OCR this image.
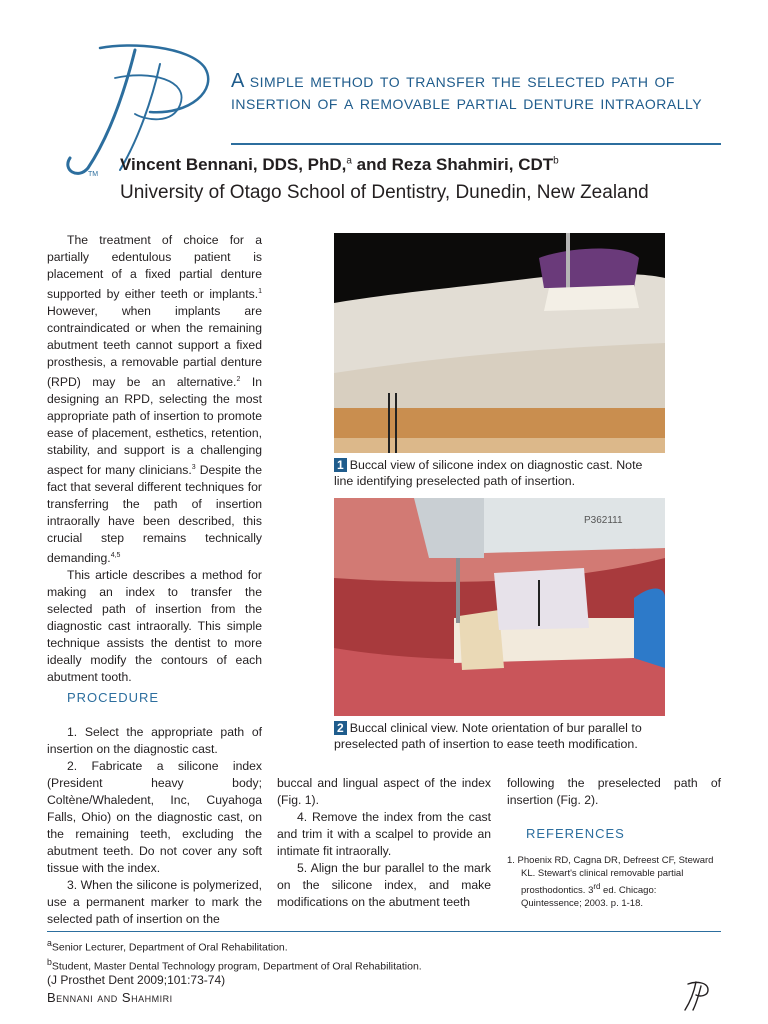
TM
A simple method to transfer the selected path of insertion of a removable partial denture intraorally
Vincent Bennani, DDS, PhD,$^a$ and Reza Shahmiri, CDT$^b$
University of Otago School of Dentistry, Dunedin, New Zealand

The treatment of choice for a partially edentulous patient is placement of a fixed partial denture supported by either teeth or implants.$^1$ However, when implants are contraindicated or when the remaining abutment teeth cannot support a fixed prosthesis, a removable partial denture (RPD) may be an alternative.$^2$ In designing an RPD, selecting the most appropriate path of insertion to promote ease of placement, esthetics, retention, stability, and support is a challenging aspect for many clinicians.$^3$ Despite the fact that several different techniques for transferring the path of insertion intraorally have been described, this crucial step remains technically demanding.$^{4,5}$

This article describes a method for making an index to transfer the selected path of insertion from the diagnostic cast intraorally. This simple technique assists the dentist to more ideally modify the contours of each abutment tooth.

PROCEDURE

1. Select the appropriate path of insertion on the diagnostic cast.

2. Fabricate a silicone index (President heavy body; Coltène/Whaledent, Inc, Cuyahoga Falls, Ohio) on the diagnostic cast, on the remaining teeth, excluding the abutment teeth. Do not cover any soft tissue with the index.

3. When the silicone is polymerized, use a permanent marker to mark the selected path of insertion on the

1 Buccal view of silicone index on diagnostic cast. Note line identifying preselected path of insertion.
P362111
2 Buccal clinical view. Note orientation of bur parallel to preselected path of insertion to ease teeth modification.

buccal and lingual aspect of the index (Fig. 1).

4. Remove the index from the cast and trim it with a scalpel to provide an intimate fit intraorally.

5. Align the bur parallel to the mark on the silicone index, and make modifications on the abutment teeth

following the preselected path of insertion (Fig. 2).

REFERENCES
1. Phoenix RD, Cagna DR, Defreest CF, Steward KL. Stewart's clinical removable partial prosthodontics. 3rd ed. Chicago: Quintessence; 2003. p. 1-18.
$^a$Senior Lecturer, Department of Oral Rehabilitation.
$^b$Student, Master Dental Technology program, Department of Oral Rehabilitation.
(J Prosthet Dent 2009;101:73-74)
Bennani and Shahmiri
